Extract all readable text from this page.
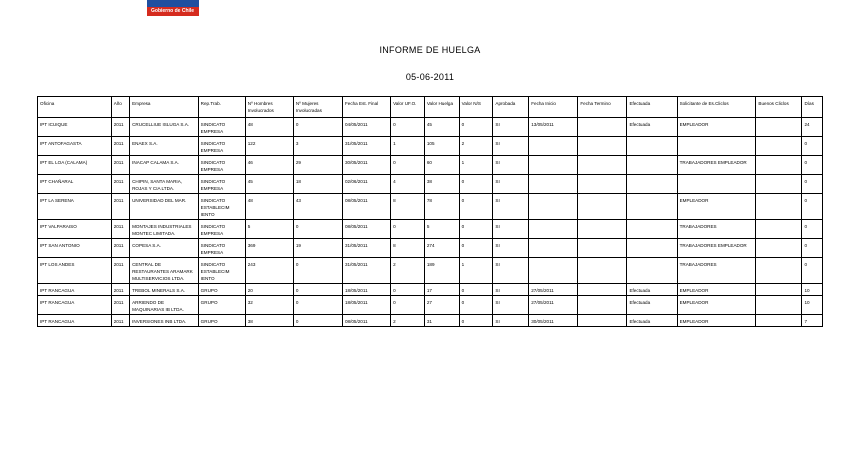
Gobierno de Chile
INFORME DE HUELGA
05-06-2011
Oficina	Año	Empresa	Rep.Trab.	Nº Hombres Involucrados	Nº Mujeres Involucradas	Fecha Est. Final	Valor UF.O.	Valor Huelga	Valor N/S	Aprobada	Fecha Inicio	Fecha Termino	Efectuada	Solicitante de Es.Cliclos	Buenos Cliclos	Días
IPT ICUIQUE	2011	CRUCELLIUE ISLUGA S.A.	SINDICATO EMPRESA	48	0	04/05/2011	0	45	0	SI	13/05/2011		Efectuada	EMPLEADOR		24
IPT ANTOFAGASTA	2011	ENAEX S.A.	SINDICATO EMPRESA	122	3	31/05/2011	1	105	2	SI						0
IPT EL LOA (CALAMA)	2011	INACAP CALAMA S.A.	SINDICATO EMPRESA	46	29	30/05/2011	0	60	1	SI				TRABAJADORES EMPLEADOR		0
IPT CHAÑARAL	2011	CHIPIN, SANTA MARIA, ROJAS Y CIA LTDA.	SINDICATO EMPRESA	45	18	02/06/2011	4	38	0	SI						0
IPT LA SERENA	2011	UNIVERSIDAD DEL MAR.	SINDICATO ESTABLECIM IENTO	48	43	08/05/2011	8	78	0	SI				EMPLEADOR		0
IPT VALPARAISO	2011	MONTAJES INDUSTRIALES MONTEC LIMITADA.	SINDICATO EMPRESA	5	0	08/05/2011	0	5	0	SI				TRABAJADORES		0
IPT SAN ANTONIO	2011	COPESA S.A.	SINDICATO EMPRESA	369	19	31/05/2011	8	274	0	SI				TRABAJADORES EMPLEADOR		0
IPT LOS ANDES	2011	CENTRAL DE RESTAURANTES ARAMARK MULTISERVICIOS LTDA.	SINDICATO ESTABLECIM IENTO	243	0	31/05/2011	2	189	1	SI				TRABAJADORES		0
IPT RANCAGUA	2011	TREBOL MINERALS S.A.	GRUPO	20	0	18/05/2011	0	17	0	SI	27/05/2011		Efectuada	EMPLEADOR		10
IPT RANCAGUA	2011	ARRIENDO DE MAQUINARIAS IB LTDA.	GRUPO	32	0	18/05/2011	0	27	0	SI	27/05/2011		Efectuada	EMPLEADOR		10
IPT RANCAGUA	2011	INVERSIONES INB LTDA.	GRUPO	38	0	08/05/2011	2	31	0	SI	30/05/2011		Efectuada	EMPLEADOR		7
